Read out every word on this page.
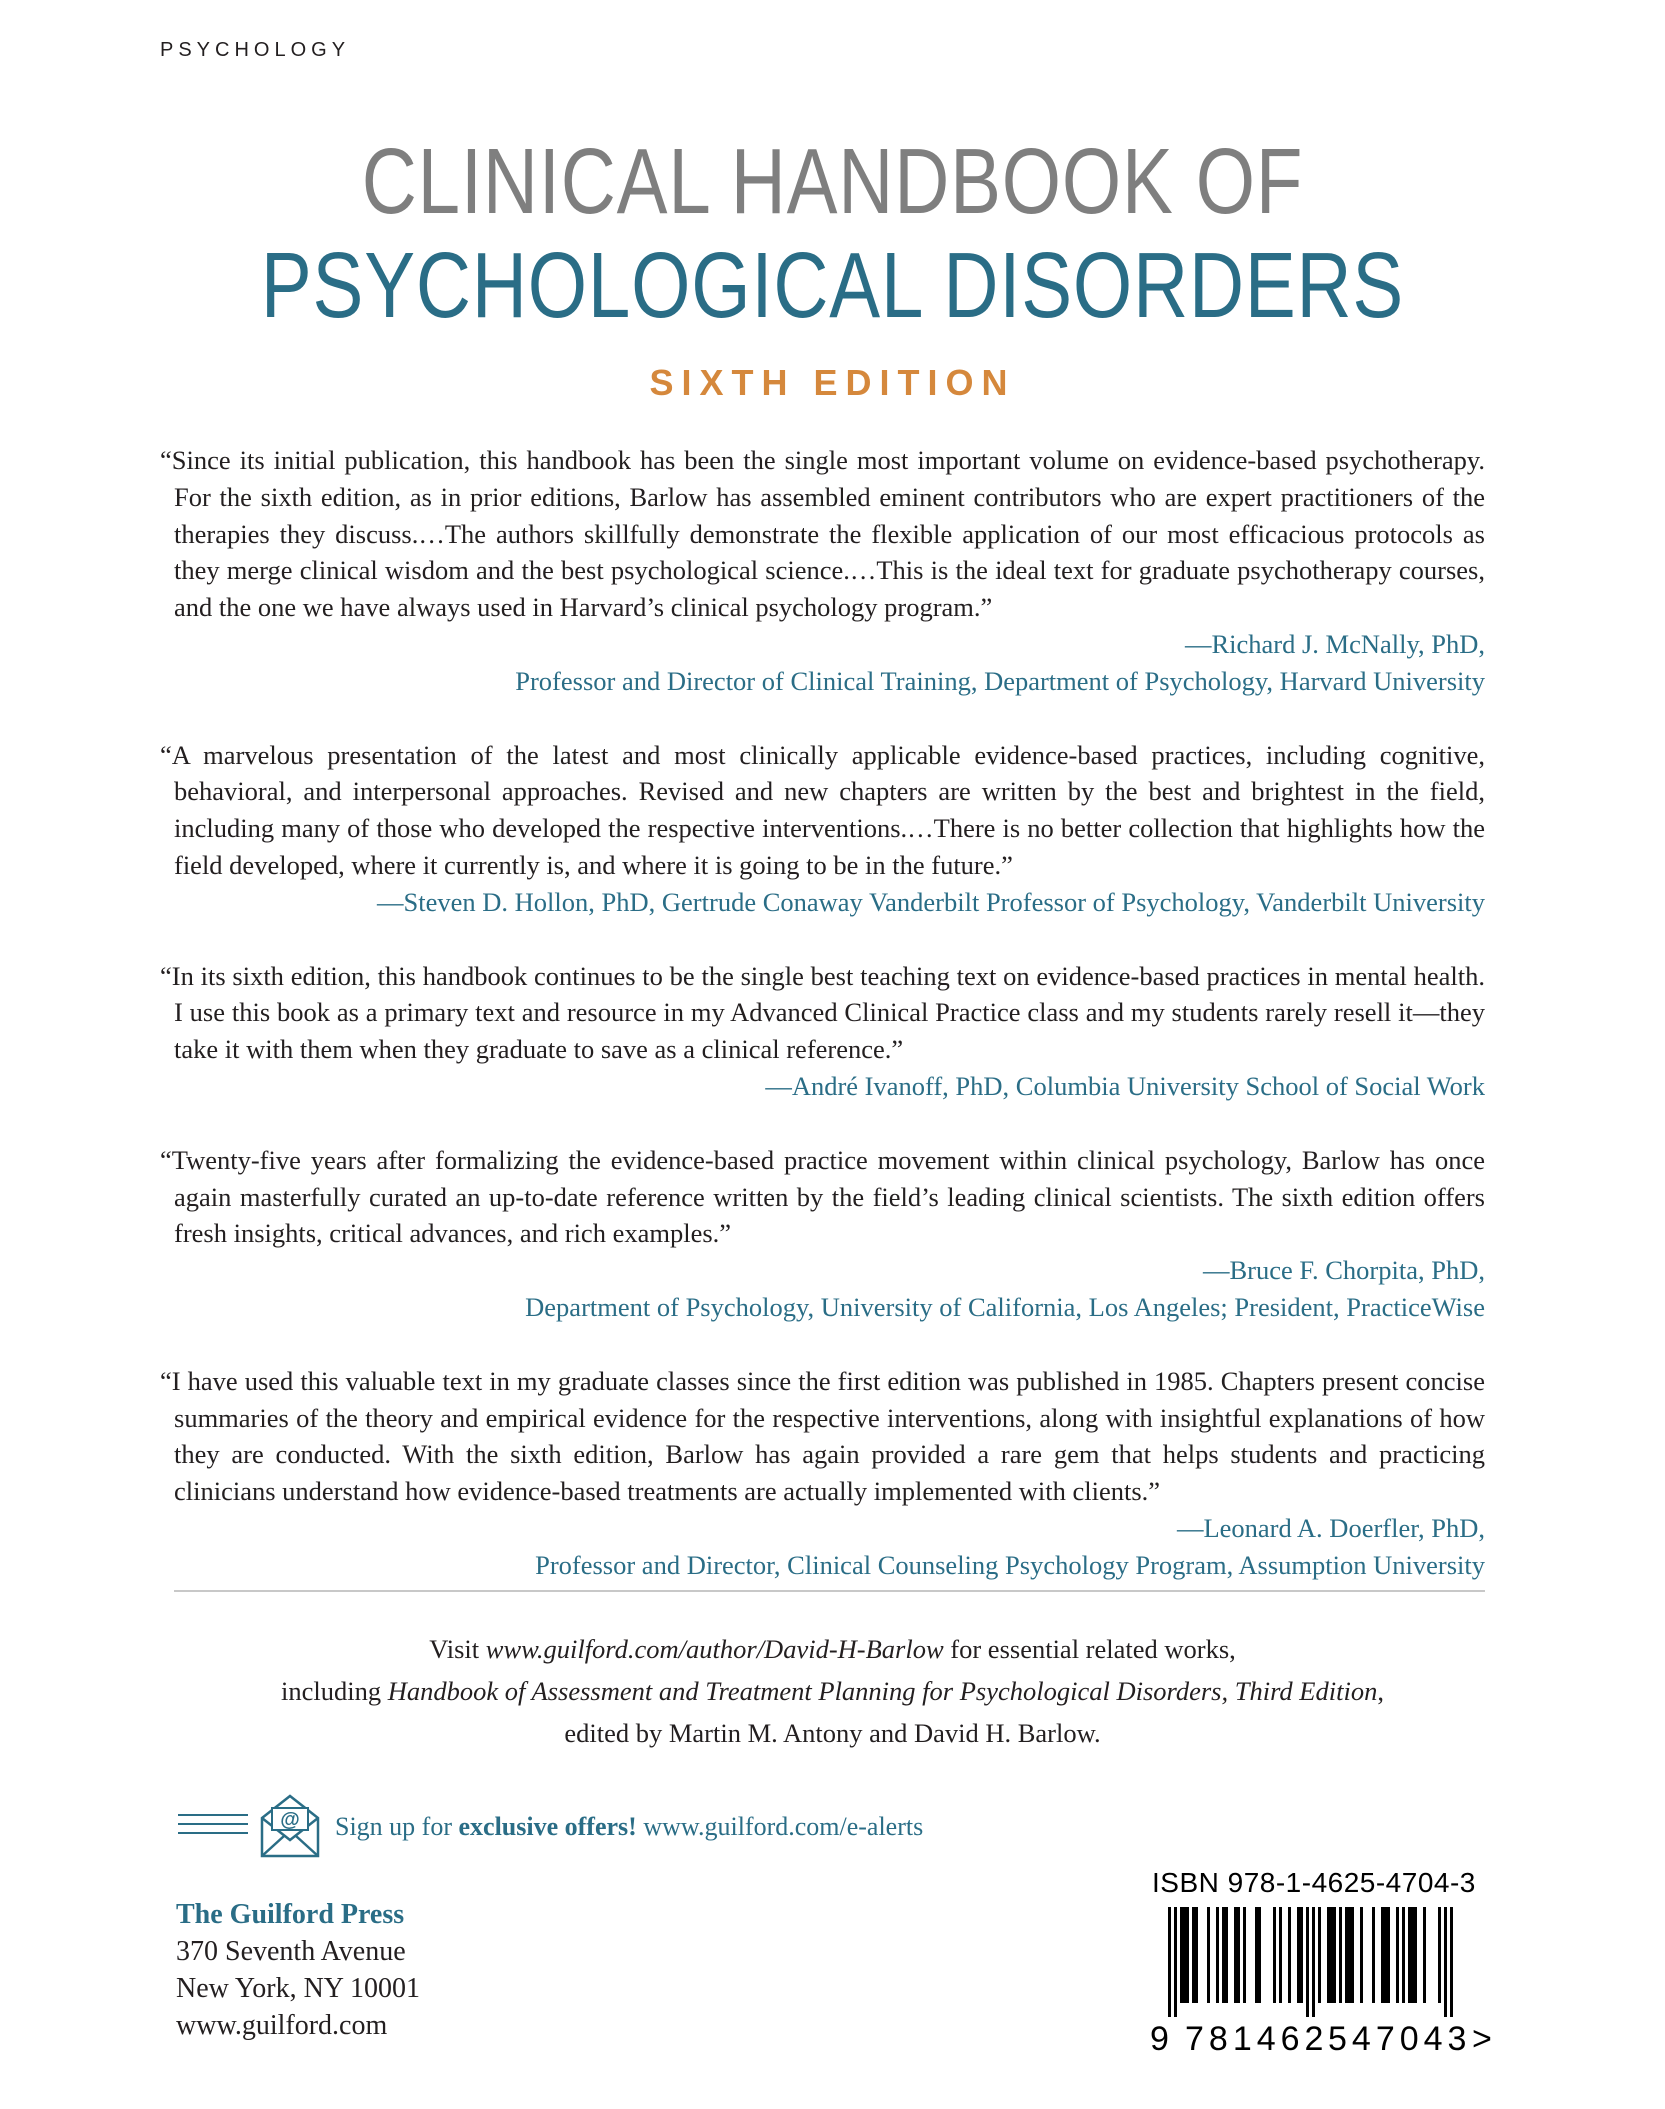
PSYCHOLOGY
CLINICAL HANDBOOK OF
PSYCHOLOGICAL DISORDERS
SIXTH EDITION
“Since its initial publication, this handbook has been the single most important volume on evidence-based psychotherapy. For the sixth edition, as in prior editions, Barlow has assembled eminent contributors who are expert practitioners of the therapies they discuss.…The authors skillfully demonstrate the flexible application of our most efficacious protocols as they merge clinical wisdom and the best psychological science.…This is the ideal text for graduate psychotherapy courses, and the one we have always used in Harvard’s clinical psychology program.”
—Richard J. McNally, PhD,
Professor and Director of Clinical Training, Department of Psychology, Harvard University
“A marvelous presentation of the latest and most clinically applicable evidence-based practices, including cognitive, behavioral, and interpersonal approaches. Revised and new chapters are written by the best and brightest in the field, including many of those who developed the respective interventions.…There is no better collection that highlights how the field developed, where it currently is, and where it is going to be in the future.”
—Steven D. Hollon, PhD, Gertrude Conaway Vanderbilt Professor of Psychology, Vanderbilt University
“In its sixth edition, this handbook continues to be the single best teaching text on evidence-based practices in mental health. I use this book as a primary text and resource in my Advanced Clinical Practice class and my students rarely resell it—they take it with them when they graduate to save as a clinical reference.”
—André Ivanoff, PhD, Columbia University School of Social Work
“Twenty-five years after formalizing the evidence-based practice movement within clinical psychology, Barlow has once again masterfully curated an up-to-date reference written by the field’s leading clinical scientists. The sixth edition offers fresh insights, critical advances, and rich examples.”
—Bruce F. Chorpita, PhD,
Department of Psychology, University of California, Los Angeles; President, PracticeWise
“I have used this valuable text in my graduate classes since the first edition was published in 1985. Chapters present concise summaries of the theory and empirical evidence for the respective interventions, along with insightful explanations of how they are conducted. With the sixth edition, Barlow has again provided a rare gem that helps students and practicing clinicians understand how evidence-based treatments are actually implemented with clients.”
—Leonard A. Doerfler, PhD,
Professor and Director, Clinical Counseling Psychology Program, Assumption University
Visit www.guilford.com/author/David-H-Barlow for essential related works,
including Handbook of Assessment and Treatment Planning for Psychological Disorders, Third Edition,
edited by Martin M. Antony and David H. Barlow.
@ Sign up for exclusive offers! www.guilford.com/e-alerts
The Guilford Press
370 Seventh Avenue
New York, NY 10001
www.guilford.com
ISBN 978-1-4625-4704-3
9 781462 547043 >
